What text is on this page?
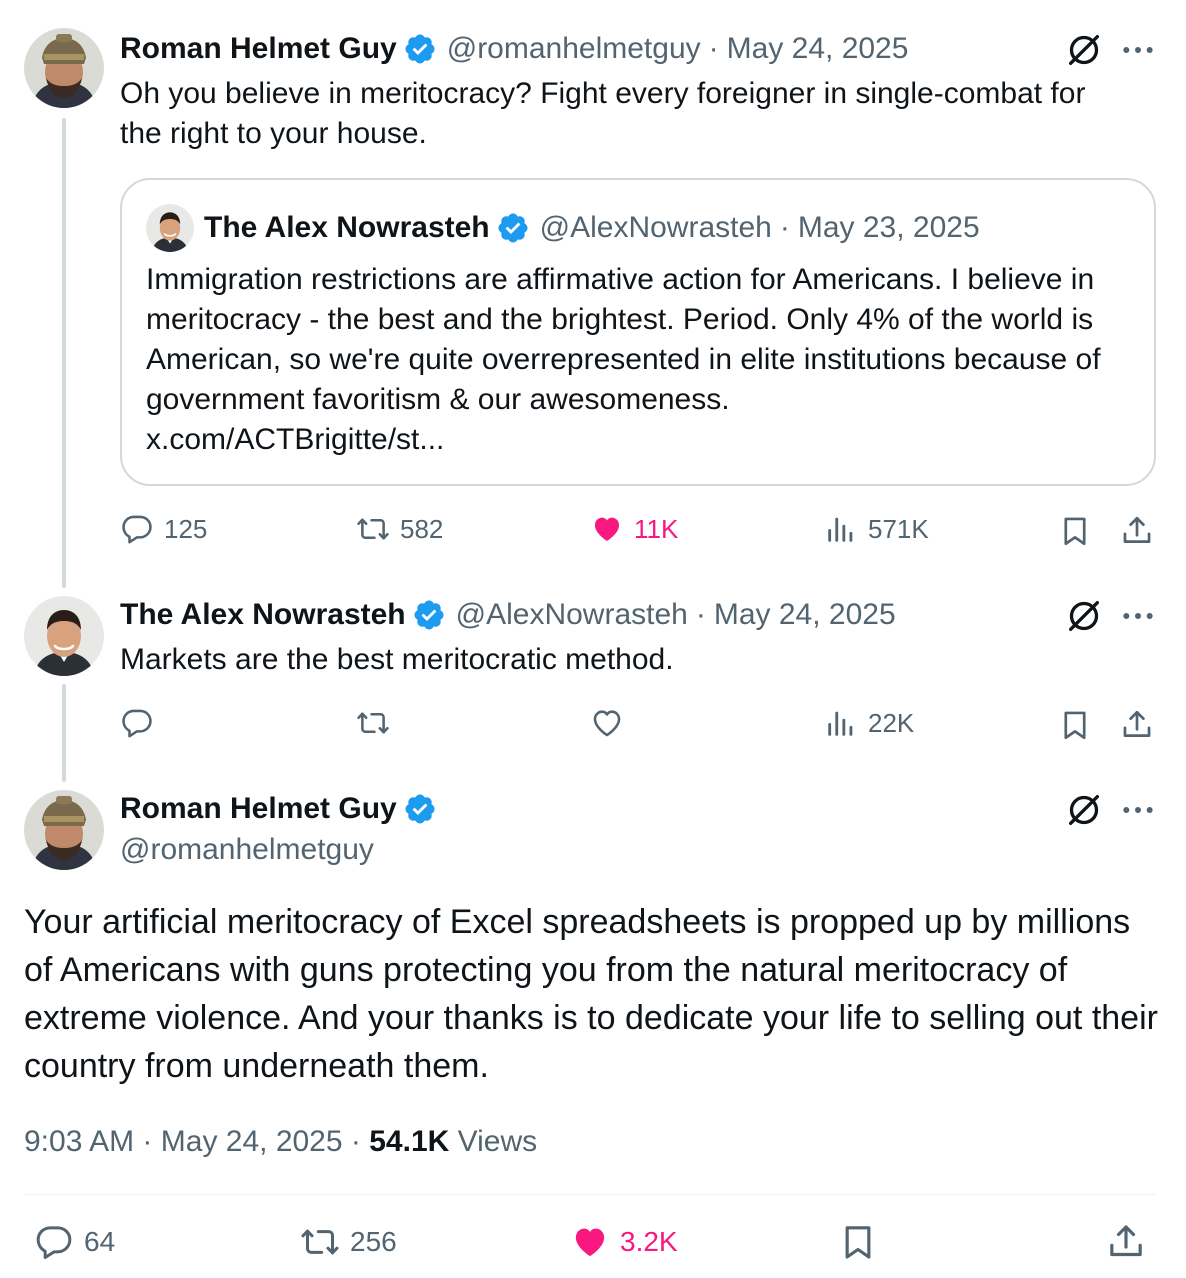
Roman Helmet Guy @romanhelmetguy · May 24, 2025
Oh you believe in meritocracy? Fight every foreigner in single-combat for the right to your house.
The Alex Nowrasteh @AlexNowrasteh · May 23, 2025
Immigration restrictions are affirmative action for Americans. I believe in meritocracy - the best and the brightest. Period. Only 4% of the world is American, so we're quite overrepresented in elite institutions because of government favoritism & our awesomeness.
x.com/ACTBrigitte/st...
125	582	11K	571K
The Alex Nowrasteh @AlexNowrasteh · May 24, 2025
Markets are the best meritocratic method.
22K
Roman Helmet Guy
@romanhelmetguy
Your artificial meritocracy of Excel spreadsheets is propped up by millions of Americans with guns protecting you from the natural meritocracy of extreme violence. And your thanks is to dedicate your life to selling out their country from underneath them.
9:03 AM · May 24, 2025 · 54.1K Views
64	256	3.2K
